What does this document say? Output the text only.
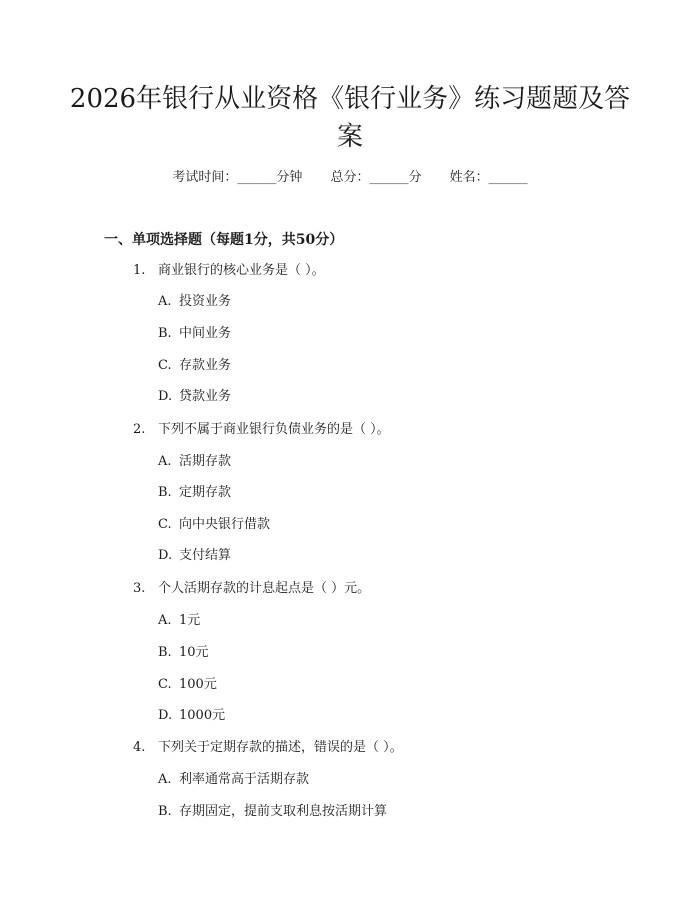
2026年银行从业资格《银行业务》练习题题及答案
考试时间：______分钟 总分：______分 姓名：______
一、单项选择题（每题1分，共50分）
1. 商业银行的核心业务是（ ）。
A. 投资业务
B. 中间业务
C. 存款业务
D. 贷款业务
2. 下列不属于商业银行负债业务的是（ ）。
A. 活期存款
B. 定期存款
C. 向中央银行借款
D. 支付结算
3. 个人活期存款的计息起点是（ ）元。
A. 1元
B. 10元
C. 100元
D. 1000元
4. 下列关于定期存款的描述，错误的是（ ）。
A. 利率通常高于活期存款
B. 存期固定，提前支取利息按活期计算
